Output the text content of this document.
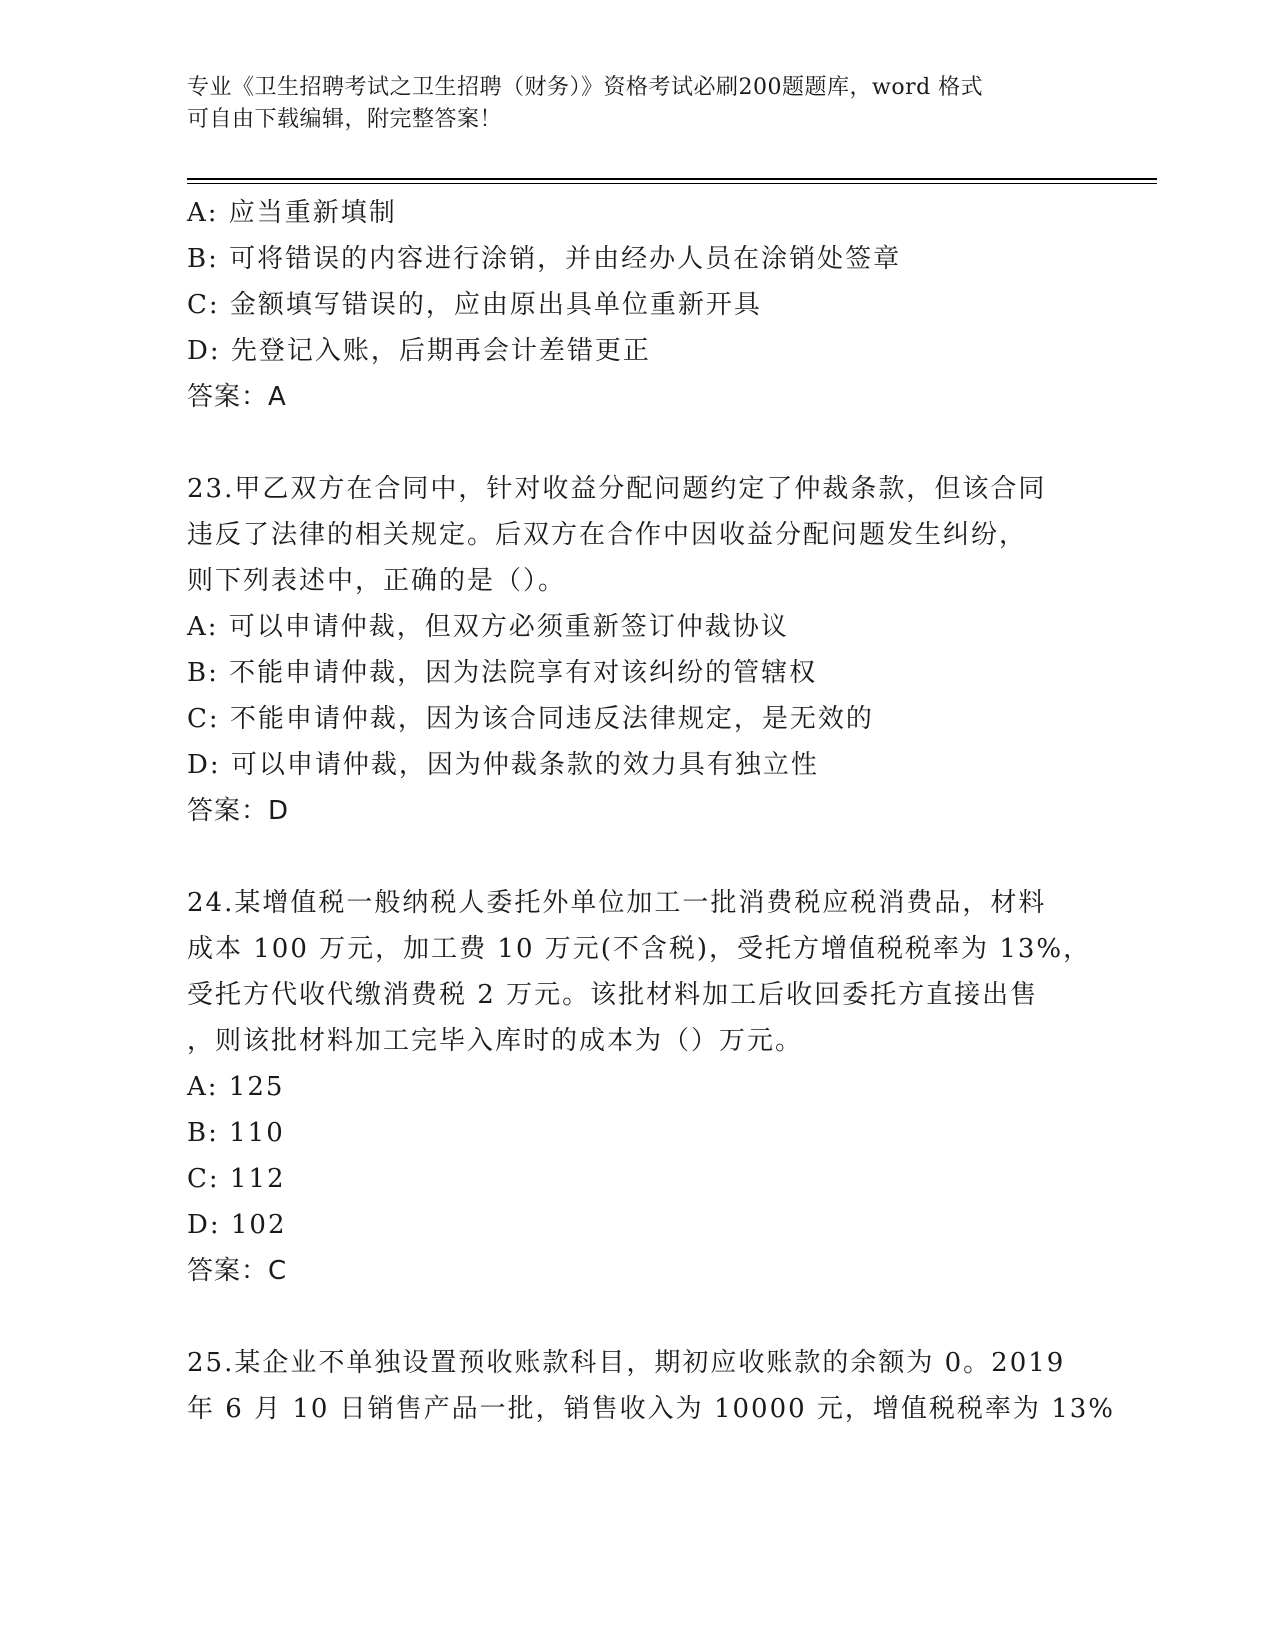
专业《卫生招聘考试之卫生招聘（财务）》资格考试必刷200题题库，word 格式
可自由下载编辑，附完整答案！
A: 应当重新填制
B: 可将错误的内容进行涂销，并由经办人员在涂销处签章
C: 金额填写错误的，应由原出具单位重新开具
D: 先登记入账，后期再会计差错更正
答案：A
23.甲乙双方在合同中，针对收益分配问题约定了仲裁条款，但该合同
违反了法律的相关规定。后双方在合作中因收益分配问题发生纠纷，
则下列表述中，正确的是（）。
A: 可以申请仲裁，但双方必须重新签订仲裁协议
B: 不能申请仲裁，因为法院享有对该纠纷的管辖权
C: 不能申请仲裁，因为该合同违反法律规定，是无效的
D: 可以申请仲裁，因为仲裁条款的效力具有独立性
答案：D
24.某增值税一般纳税人委托外单位加工一批消费税应税消费品，材料
成本 100 万元，加工费 10 万元(不含税)，受托方增值税税率为 13%，
受托方代收代缴消费税 2 万元。该批材料加工后收回委托方直接出售
，则该批材料加工完毕入库时的成本为（）万元。
A: 125
B: 110
C: 112
D: 102
答案：C
25.某企业不单独设置预收账款科目，期初应收账款的余额为 0。2019
年 6 月 10 日销售产品一批，销售收入为 10000 元，增值税税率为 13%
